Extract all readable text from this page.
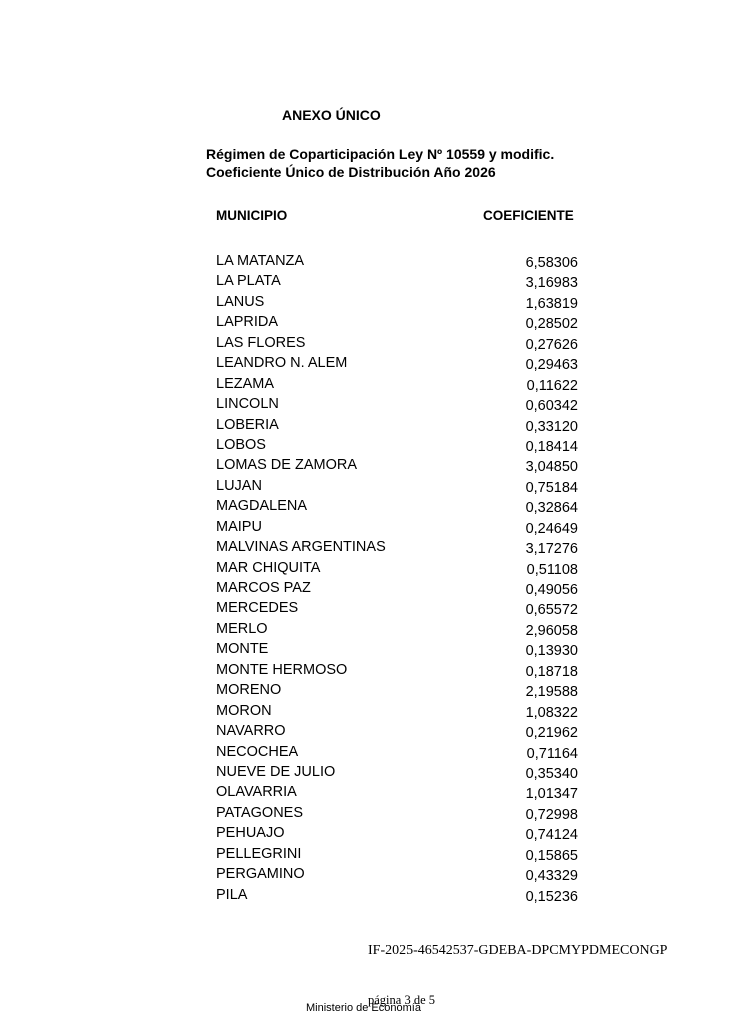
ANEXO ÚNICO
Régimen de Coparticipación Ley Nº 10559 y modific.
Coeficiente Único de Distribución Año 2026
MUNICIPIO	COEFICIENTE
LA MATANZA	6,58306
LA PLATA	3,16983
LANUS	1,63819
LAPRIDA	0,28502
LAS FLORES	0,27626
LEANDRO N. ALEM	0,29463
LEZAMA	0,11622
LINCOLN	0,60342
LOBERIA	0,33120
LOBOS	0,18414
LOMAS DE ZAMORA	3,04850
LUJAN	0,75184
MAGDALENA	0,32864
MAIPU	0,24649
MALVINAS ARGENTINAS	3,17276
MAR CHIQUITA	0,51108
MARCOS PAZ	0,49056
MERCEDES	0,65572
MERLO	2,96058
MONTE	0,13930
MONTE HERMOSO	0,18718
MORENO	2,19588
MORON	1,08322
NAVARRO	0,21962
NECOCHEA	0,71164
NUEVE DE JULIO	0,35340
OLAVARRIA	1,01347
PATAGONES	0,72998
PEHUAJO	0,74124
PELLEGRINI	0,15865
PERGAMINO	0,43329
PILA	0,15236
IF-2025-46542537-GDEBA-DPCMYPDMECONGP
página 3 de 5
Ministerio de Economía
